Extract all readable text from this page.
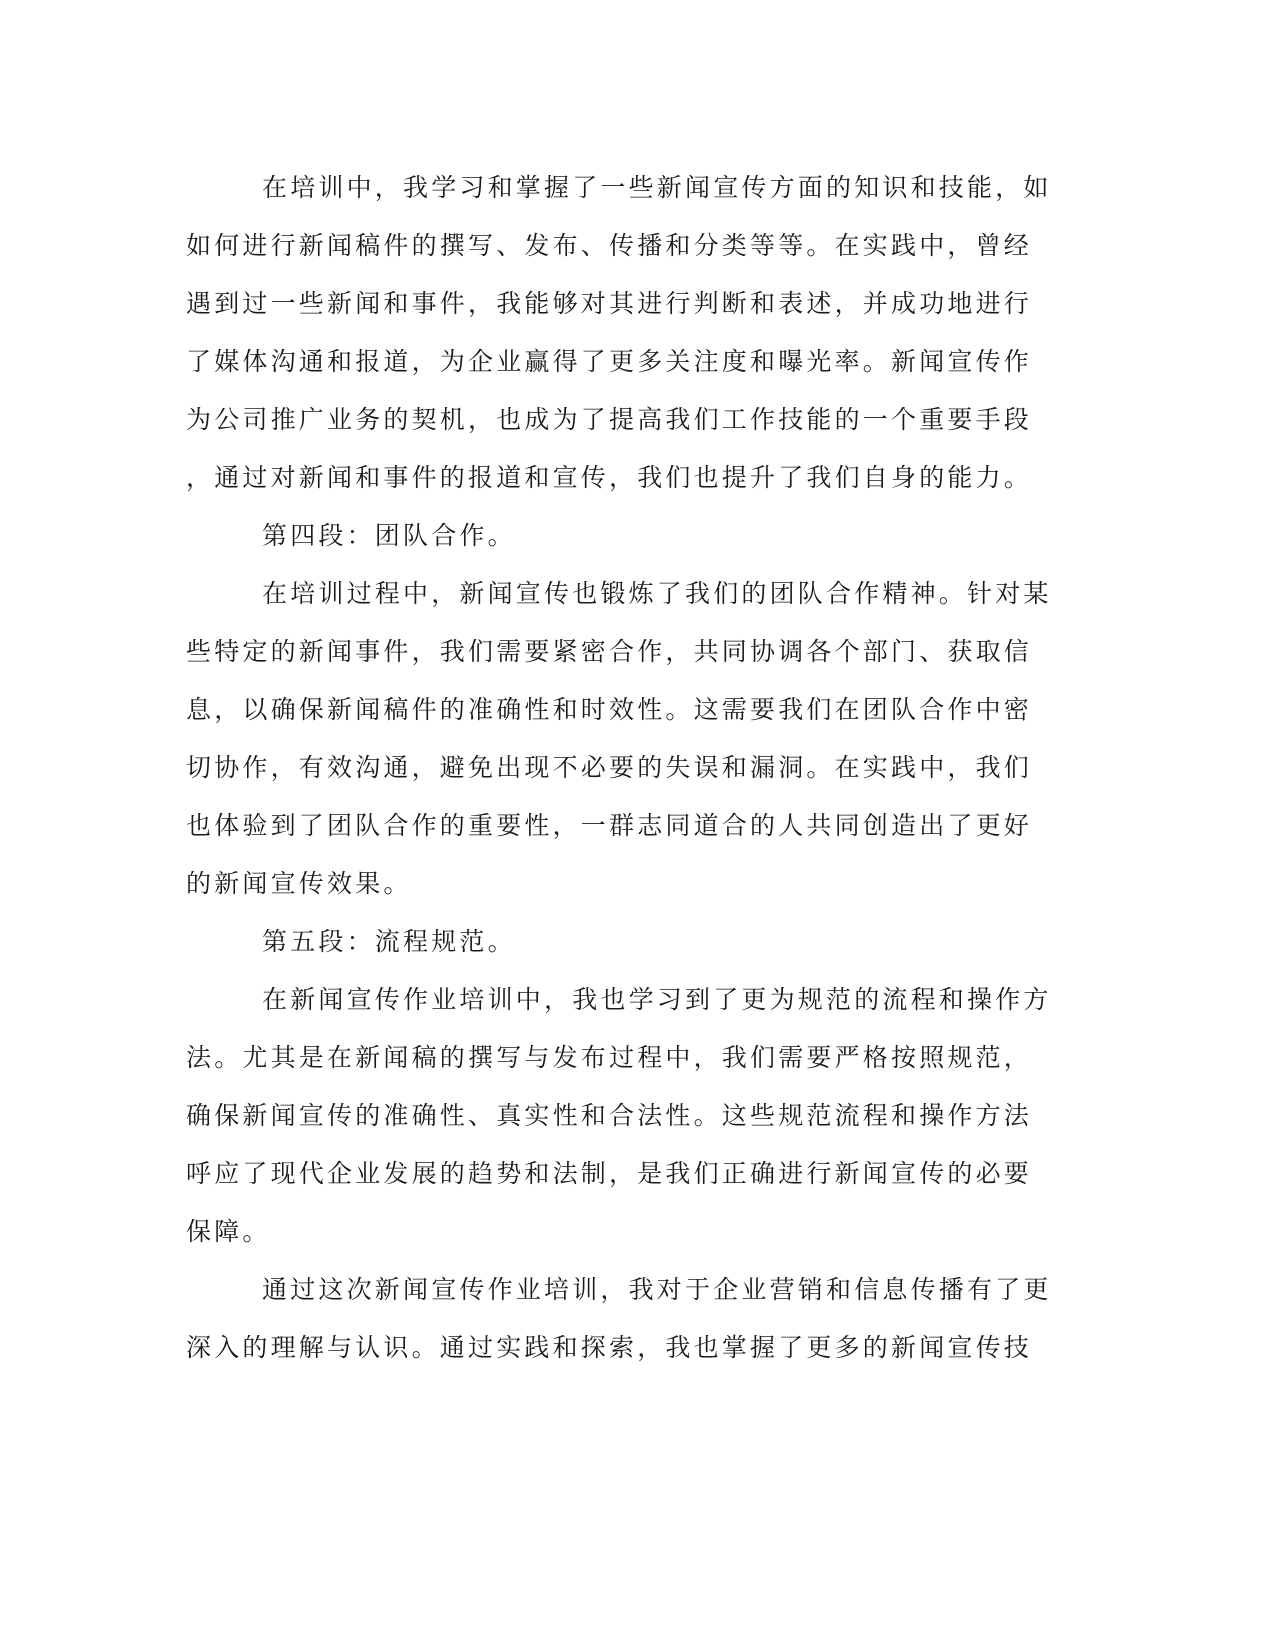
在培训中，我学习和掌握了一些新闻宣传方面的知识和技能，如
如何进行新闻稿件的撰写、发布、传播和分类等等。在实践中，曾经
遇到过一些新闻和事件，我能够对其进行判断和表述，并成功地进行
了媒体沟通和报道，为企业赢得了更多关注度和曝光率。新闻宣传作
为公司推广业务的契机，也成为了提高我们工作技能的一个重要手段
，通过对新闻和事件的报道和宣传，我们也提升了我们自身的能力。
第四段：团队合作。
在培训过程中，新闻宣传也锻炼了我们的团队合作精神。针对某
些特定的新闻事件，我们需要紧密合作，共同协调各个部门、获取信
息，以确保新闻稿件的准确性和时效性。这需要我们在团队合作中密
切协作，有效沟通，避免出现不必要的失误和漏洞。在实践中，我们
也体验到了团队合作的重要性，一群志同道合的人共同创造出了更好
的新闻宣传效果。
第五段：流程规范。
在新闻宣传作业培训中，我也学习到了更为规范的流程和操作方
法。尤其是在新闻稿的撰写与发布过程中，我们需要严格按照规范，
确保新闻宣传的准确性、真实性和合法性。这些规范流程和操作方法
呼应了现代企业发展的趋势和法制，是我们正确进行新闻宣传的必要
保障。
通过这次新闻宣传作业培训，我对于企业营销和信息传播有了更
深入的理解与认识。通过实践和探索，我也掌握了更多的新闻宣传技
